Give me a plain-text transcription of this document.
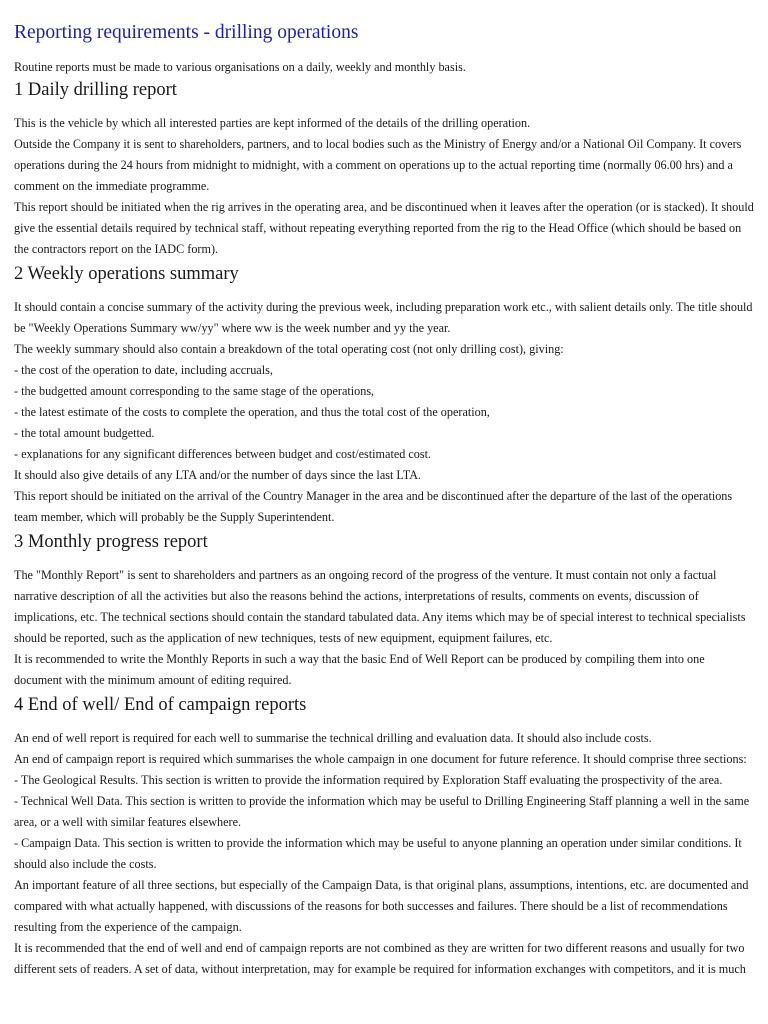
Reporting requirements - drilling operations

Routine reports must be made to various organisations on a daily, weekly and monthly basis.

1 Daily drilling report

This is the vehicle by which all interested parties are kept informed of the details of the drilling operation.

Outside the Company it is sent to shareholders, partners, and to local bodies such as the Ministry of Energy and/or a National Oil Company. It covers operations during the 24 hours from midnight to midnight, with a comment on operations up to the actual reporting time (normally 06.00 hrs) and a comment on the immediate programme.

This report should be initiated when the rig arrives in the operating area, and be discontinued when it leaves after the operation (or is stacked). It should give the essential details required by technical staff, without repeating everything reported from the rig to the Head Office (which should be based on the contractors report on the IADC form).

2 Weekly operations summary

It should contain a concise summary of the activity during the previous week, including preparation work etc., with salient details only. The title should be "Weekly Operations Summary ww/yy" where ww is the week number and yy the year.

The weekly summary should also contain a breakdown of the total operating cost (not only drilling cost), giving:

- the cost of the operation to date, including accruals,

- the budgetted amount corresponding to the same stage of the operations,

- the latest estimate of the costs to complete the operation, and thus the total cost of the operation,

- the total amount budgetted.

- explanations for any significant differences between budget and cost/estimated cost.

It should also give details of any LTA and/or the number of days since the last LTA.

This report should be initiated on the arrival of the Country Manager in the area and be discontinued after the departure of the last of the operations team member, which will probably be the Supply Superintendent.

3 Monthly progress report

The "Monthly Report" is sent to shareholders and partners as an ongoing record of the progress of the venture. It must contain not only a factual narrative description of all the activities but also the reasons behind the actions, interpretations of results, comments on events, discussion of implications, etc. The technical sections should contain the standard tabulated data. Any items which may be of special interest to technical specialists should be reported, such as the application of new techniques, tests of new equipment, equipment failures, etc.

It is recommended to write the Monthly Reports in such a way that the basic End of Well Report can be produced by compiling them into one document with the minimum amount of editing required.

4 End of well/ End of campaign reports

An end of well report is required for each well to summarise the technical drilling and evaluation data. It should also include costs.

An end of campaign report is required which summarises the whole campaign in one document for future reference. It should comprise three sections:

- The Geological Results. This section is written to provide the information required by Exploration Staff evaluating the prospectivity of the area.

- Technical Well Data. This section is written to provide the information which may be useful to Drilling Engineering Staff planning a well in the same area, or a well with similar features elsewhere.

- Campaign Data. This section is written to provide the information which may be useful to anyone planning an operation under similar conditions. It should also include the costs.

An important feature of all three sections, but especially of the Campaign Data, is that original plans, assumptions, intentions, etc. are documented and compared with what actually happened, with discussions of the reasons for both successes and failures. There should be a list of recommendations resulting from the experience of the campaign.

It is recommended that the end of well and end of campaign reports are not combined as they are written for two different reasons and usually for two different sets of readers. A set of data, without interpretation, may for example be required for information exchanges with competitors, and it is much
